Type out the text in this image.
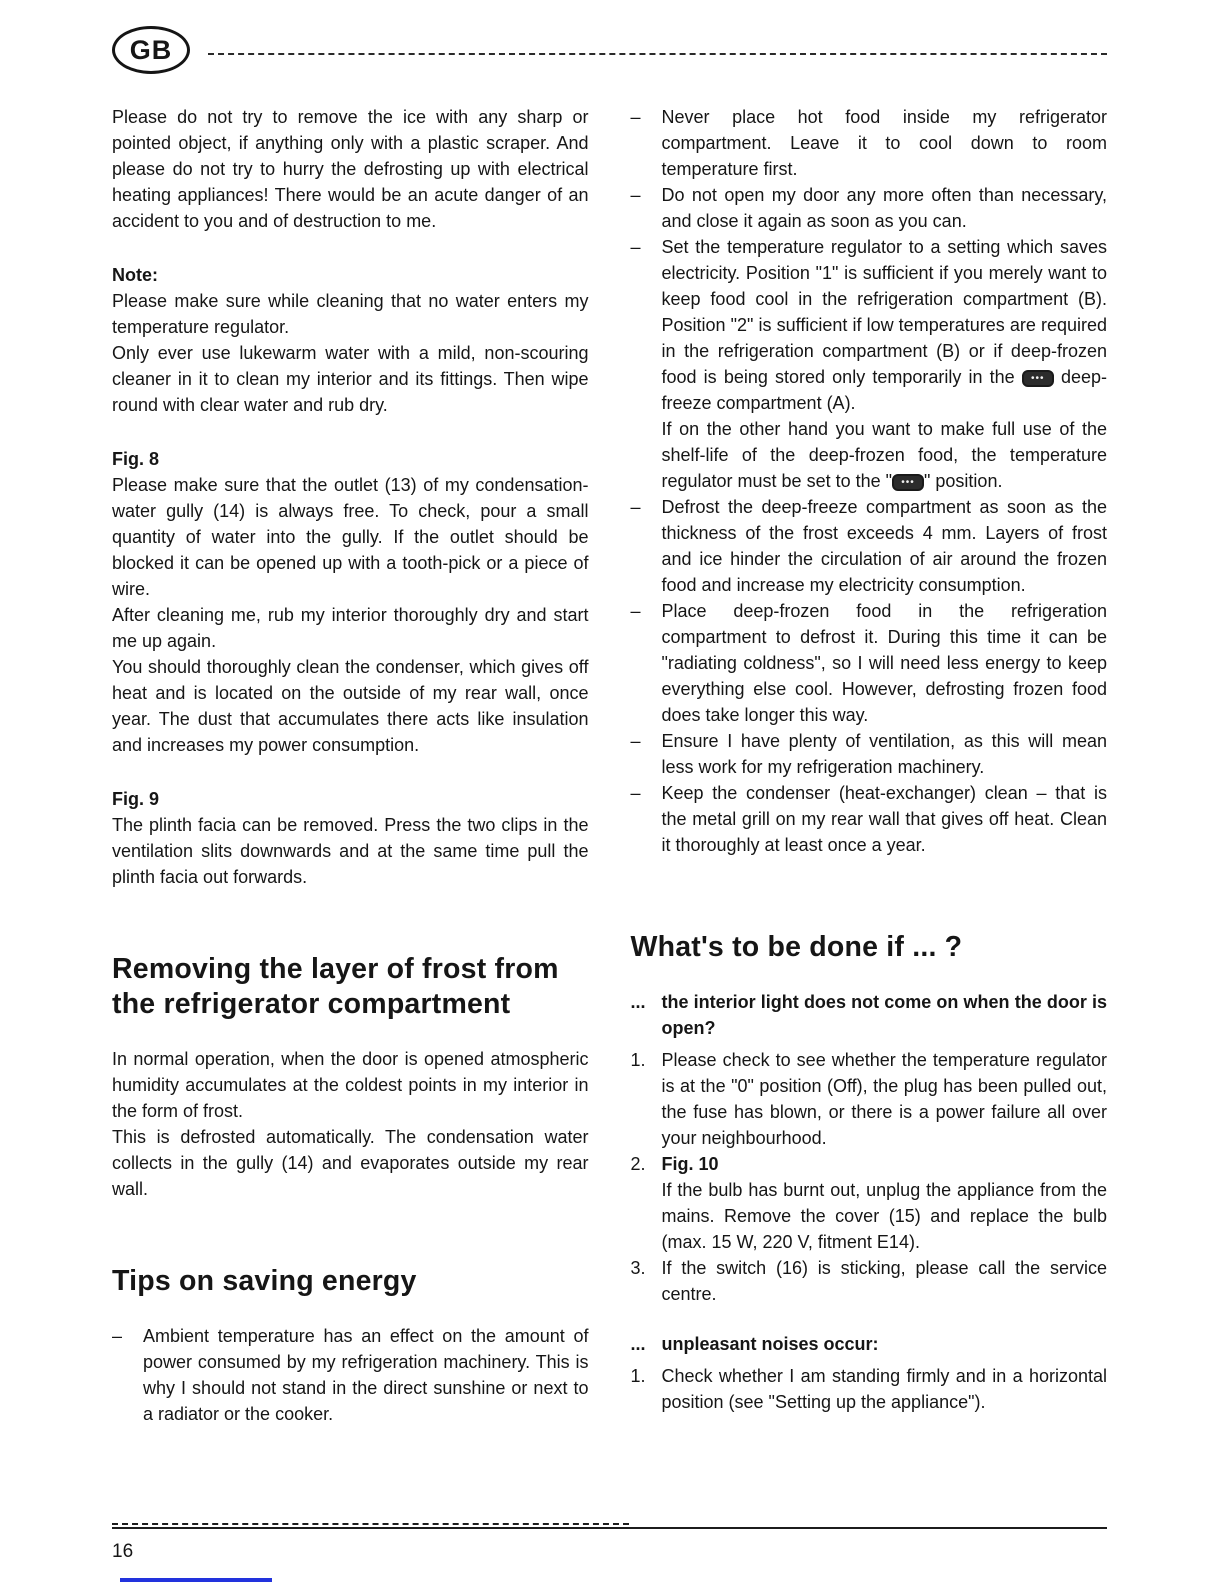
GB

Please do not try to remove the ice with any sharp or pointed object, if anything only with a plastic scraper. And please do not try to hurry the defrosting up with electrical heating appliances! There would be an acute danger of an accident to you and of destruction to me.

Note:

Please make sure while cleaning that no water enters my temperature regulator.

Only ever use lukewarm water with a mild, non-scouring cleaner in it to clean my interior and its fittings. Then wipe round with clear water and rub dry.

Fig. 8

Please make sure that the outlet (13) of my condensation-water gully (14) is always free. To check, pour a small quantity of water into the gully. If the outlet should be blocked it can be opened up with a tooth-pick or a piece of wire.

After cleaning me, rub my interior thoroughly dry and start me up again.

You should thoroughly clean the condenser, which gives off heat and is located on the outside of my rear wall, once year. The dust that accumulates there acts like insulation and increases my power consumption.

Fig. 9

The plinth facia can be removed. Press the two clips in the ventilation slits downwards and at the same time pull the plinth facia out forwards.

Removing the layer of frost from the refrigerator compartment

In normal operation, when the door is opened atmospheric humidity accumulates at the coldest points in my interior in the form of frost.

This is defrosted automatically. The condensation water collects in the gully (14) and evaporates outside my rear wall.

Tips on saving energy
– Ambient temperature has an effect on the amount of power consumed by my refrigeration machinery. This is why I should not stand in the direct sunshine or next to a radiator or the cooker.

– Never place hot food inside my refrigerator compartment. Leave it to cool down to room temperature first.

– Do not open my door any more often than necessary, and close it again as soon as you can.

– Set the temperature regulator to a setting which saves electricity. Position "1" is sufficient if you merely want to keep food cool in the refrigeration compartment (B). Position "2" is sufficient if low temperatures are required in the refrigeration compartment (B) or if deep-frozen food is being stored only temporarily in the ••• deep-freeze compartment (A).

If on the other hand you want to make full use of the shelf-life of the deep-frozen food, the temperature regulator must be set to the " ••• " position.

– Defrost the deep-freeze compartment as soon as the thickness of the frost exceeds 4 mm. Layers of frost and ice hinder the circulation of air around the frozen food and increase my electricity consumption.

– Place deep-frozen food in the refrigeration compartment to defrost it. During this time it can be "radiating coldness", so I will need less energy to keep everything else cool. However, defrosting frozen food does take longer this way.

– Ensure I have plenty of ventilation, as this will mean less work for my refrigeration machinery.

– Keep the condenser (heat-exchanger) clean – that is the metal grill on my rear wall that gives off heat. Clean it thoroughly at least once a year.

What's to be done if ... ?
... the interior light does not come on when the door is open?

1. Please check to see whether the temperature regulator is at the "0" position (Off), the plug has been pulled out, the fuse has blown, or there is a power failure all over your neighbourhood.

2. Fig. 10

If the bulb has burnt out, unplug the appliance from the mains. Remove the cover (15) and replace the bulb (max. 15 W, 220 V, fitment E14).

3. If the switch (16) is sticking, please call the service centre.

... unpleasant noises occur:

1. Check whether I am standing firmly and in a horizontal position (see "Setting up the appliance").

16
